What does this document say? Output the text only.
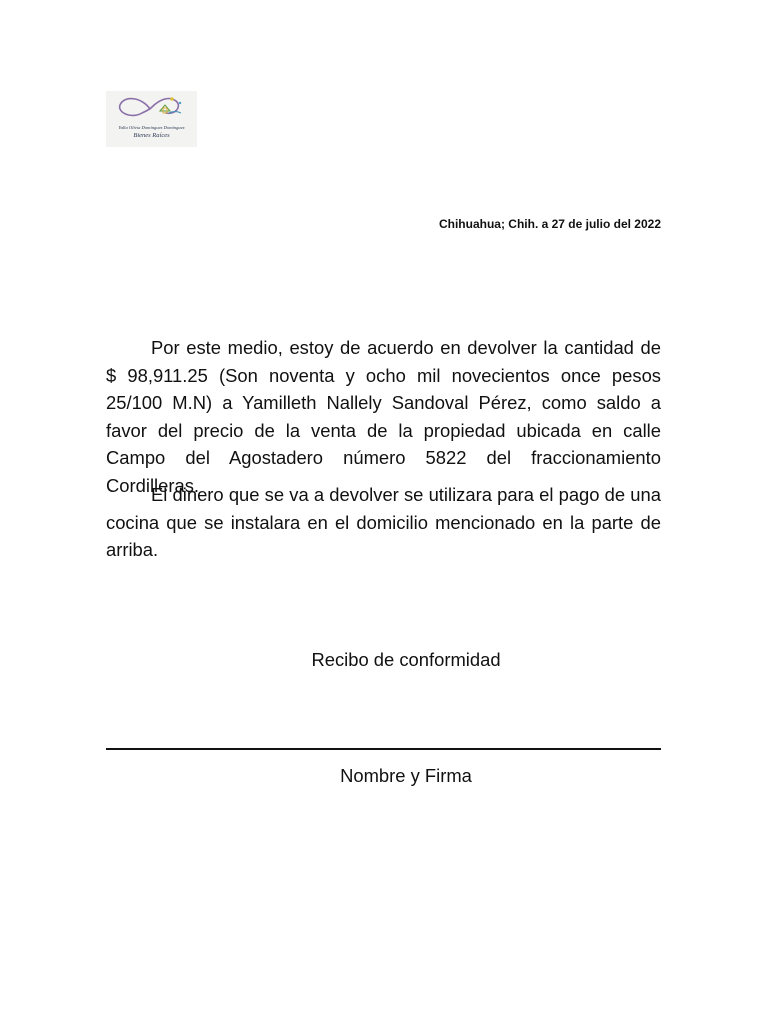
Yalla Olivia Domínguez Domínguez
Bienes Raíces
Chihuahua; Chih. a 27 de julio del 2022

Por este medio, estoy de acuerdo en devolver la cantidad de $ 98,911.25 (Son noventa y ocho mil novecientos once pesos 25/100 M.N) a Yamilleth Nallely Sandoval Pérez, como saldo a favor del precio de la venta de la propiedad ubicada en calle Campo del Agostadero número 5822 del fraccionamiento Cordilleras.

El dinero que se va a devolver se utilizara para el pago de una cocina que se instalara en el domicilio mencionado en la parte de arriba.

Recibo de conformidad
Nombre y Firma
